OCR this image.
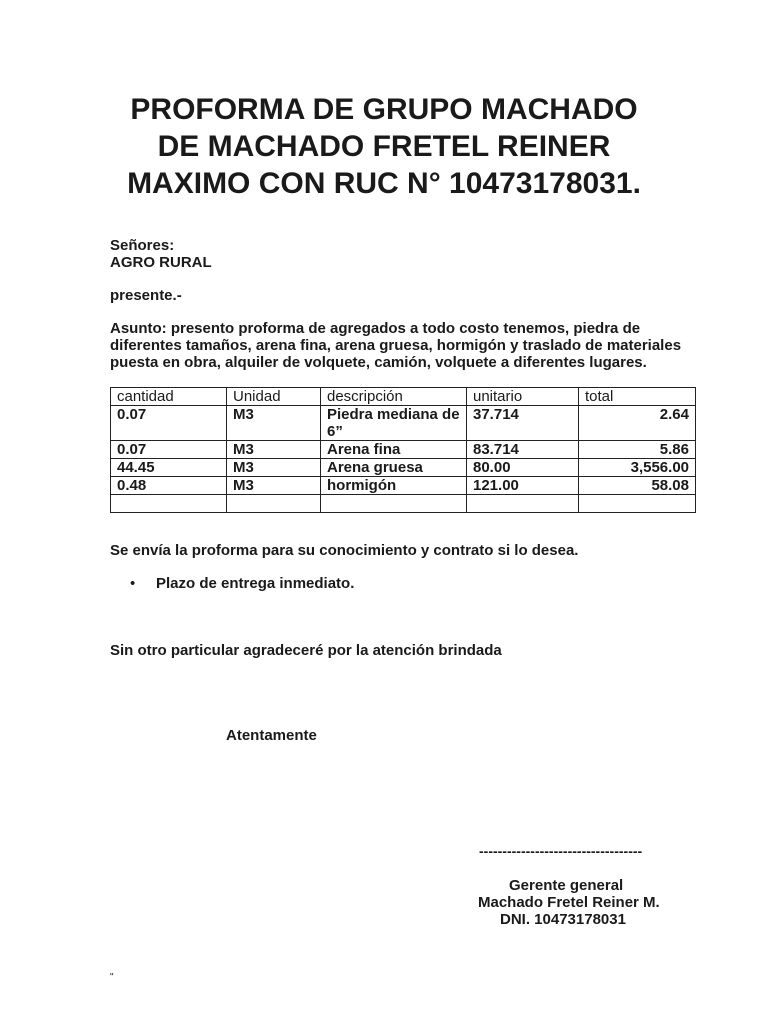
PROFORMA DE GRUPO MACHADO
DE MACHADO FRETEL REINER
MAXIMO CON RUC N° 10473178031.
Señores:
AGRO RURAL

presente.-

Asunto: presento proforma de agregados a todo costo tenemos, piedra de diferentes tamaños, arena fina, arena gruesa, hormigón y traslado de materiales puesta en obra, alquiler de volquete, camión, volquete a diferentes lugares.

cantidad	Unidad	descripción	unitario	total
0.07	M3	Piedra mediana de 6”	37.714	2.64
0.07	M3	Arena fina	83.714	5.86
44.45	M3	Arena gruesa	80.00	3,556.00
0.48	M3	hormigón	121.00	58.08

Se envía la proforma para su conocimiento y contrato si lo desea.

• Plazo de entrega inmediato.

Sin otro particular agradeceré por la atención brindada

Atentamente
-----------------------------------
Gerente general
Machado Fretel Reiner M.
DNI. 10473178031
"
